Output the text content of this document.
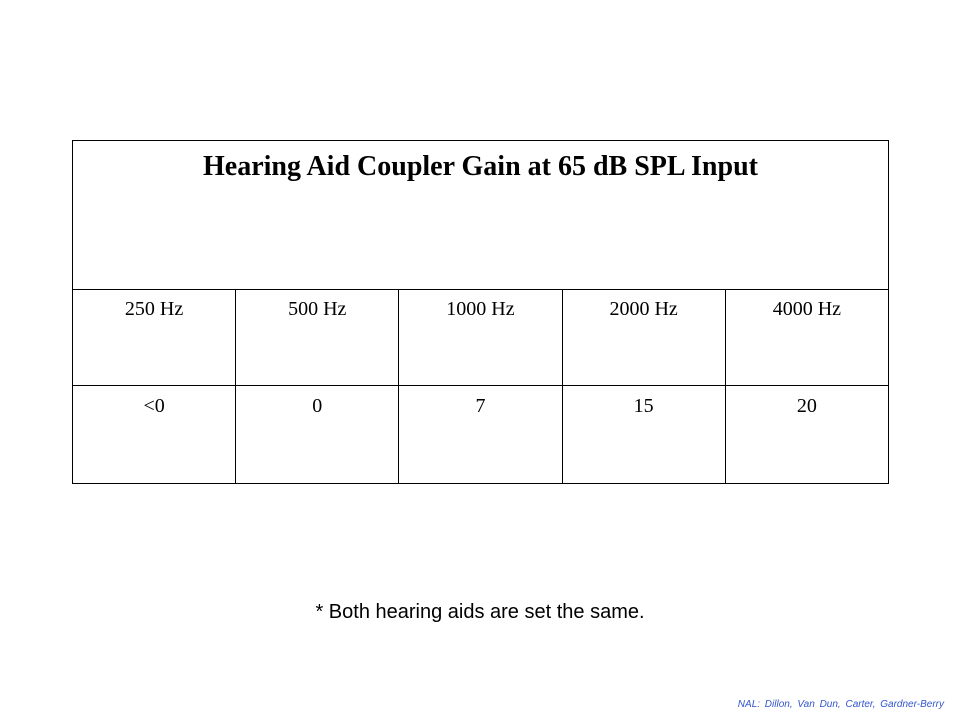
Hearing Aid Coupler Gain at 65 dB SPL Input				
250 Hz	500 Hz	1000 Hz	2000 Hz	4000 Hz
<0	0	7	15	20
* Both hearing aids are set the same.
NAL: Dillon, Van Dun, Carter, Gardner-Berry
